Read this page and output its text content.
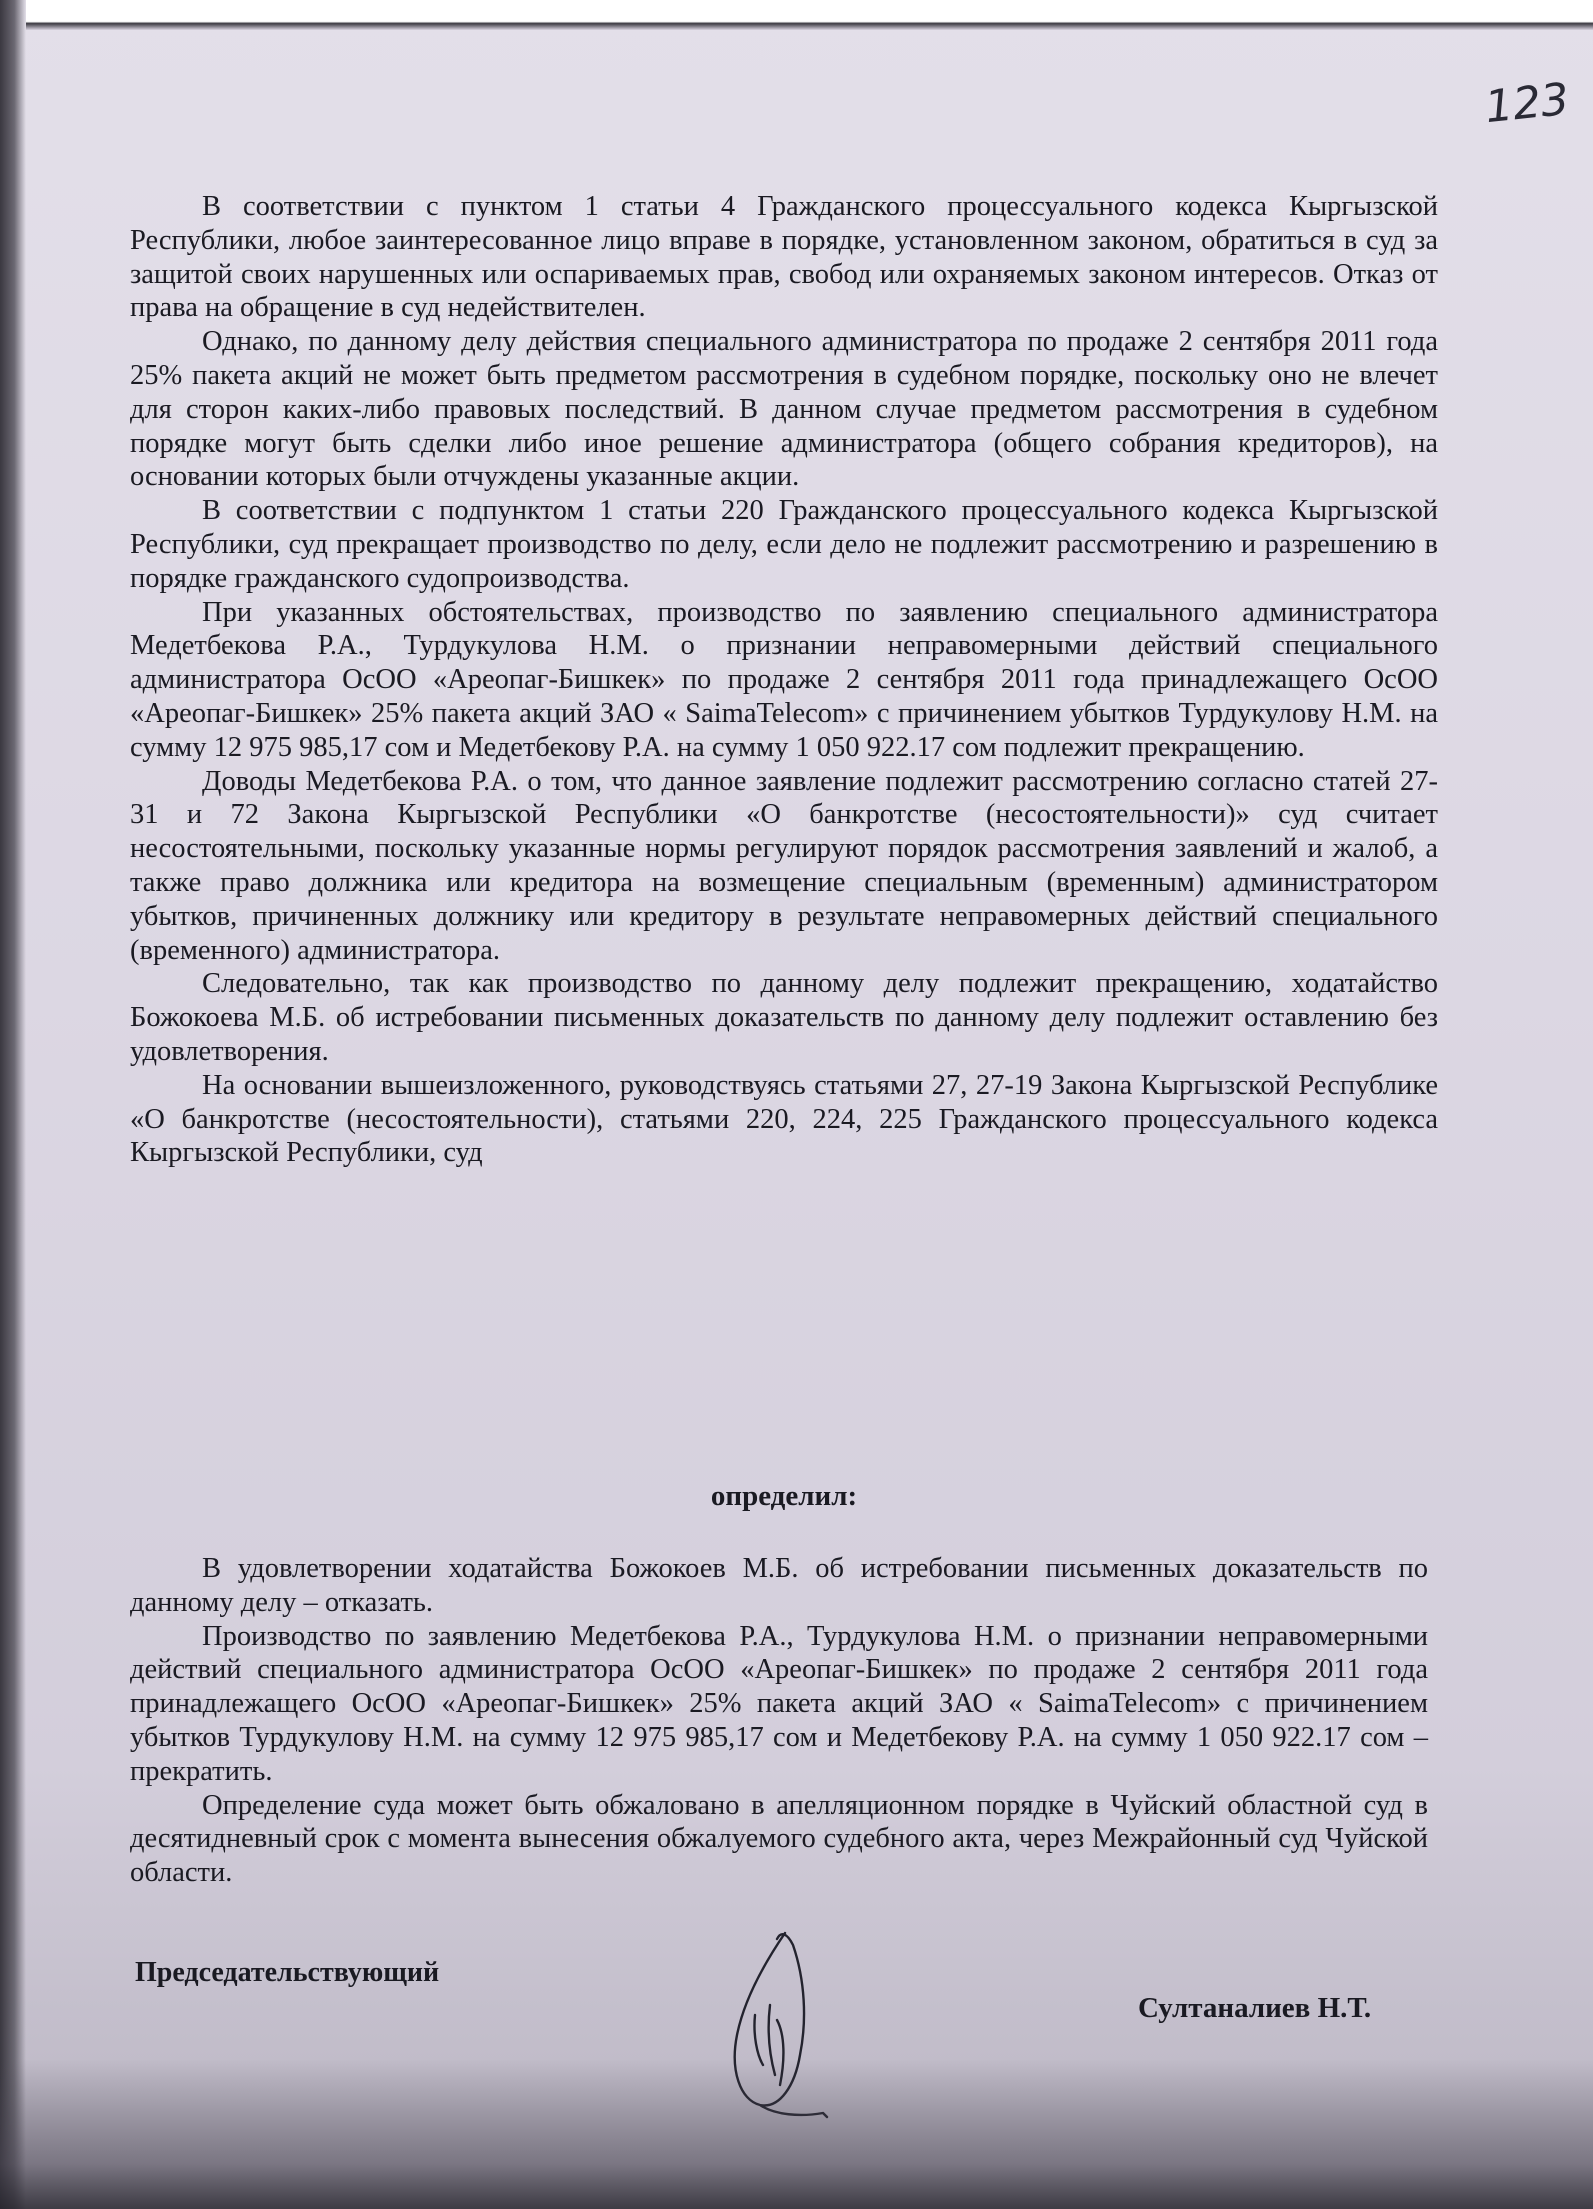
123

В соответствии с пунктом 1 статьи 4 Гражданского процессуального кодекса Кыргызской Республики, любое заинтересованное лицо вправе в порядке, установленном законом, обратиться в суд за защитой своих нарушенных или оспариваемых прав, свобод или охраняемых законом интересов. Отказ от права на обращение в суд недействителен.

Однако, по данному делу действия специального администратора по продаже 2 сентября 2011 года 25% пакета акций не может быть предметом рассмотрения в судебном порядке, поскольку оно не влечет для сторон каких-либо правовых последствий. В данном случае предметом рассмотрения в судебном порядке могут быть сделки либо иное решение администратора (общего собрания кредиторов), на основании которых были отчуждены указанные акции.

В соответствии с подпунктом 1 статьи 220 Гражданского процессуального кодекса Кыргызской Республики, суд прекращает производство по делу, если дело не подлежит рассмотрению и разрешению в порядке гражданского судопроизводства.

При указанных обстоятельствах, производство по заявлению специального администратора Медетбекова Р.А., Турдукулова Н.М. о признании неправомерными действий специального администратора ОсОО «Ареопаг-Бишкек» по продаже 2 сентября 2011 года принадлежащего ОсОО «Ареопаг-Бишкек» 25% пакета акций ЗАО « SaimaTelecom» с причинением убытков Турдукулову Н.М. на сумму 12 975 985,17 сом и Медетбекову Р.А. на сумму 1 050 922.17 сом подлежит прекращению.

Доводы Медетбекова Р.А. о том, что данное заявление подлежит рассмотрению согласно статей 27-31 и 72 Закона Кыргызской Республики «О банкротстве (несостоятельности)» суд считает несостоятельными, поскольку указанные нормы регулируют порядок рассмотрения заявлений и жалоб, а также право должника или кредитора на возмещение специальным (временным) администратором убытков, причиненных должнику или кредитору в результате неправомерных действий специального (временного) администратора.

Следовательно, так как производство по данному делу подлежит прекращению, ходатайство Божокоева М.Б. об истребовании письменных доказательств по данному делу подлежит оставлению без удовлетворения.

На основании вышеизложенного, руководствуясь статьями 27, 27-19 Закона Кыргызской Республике «О банкротстве (несостоятельности), статьями 220, 224, 225 Гражданского процессуального кодекса Кыргызской Республики, суд

определил:

В удовлетворении ходатайства Божокоев М.Б. об истребовании письменных доказательств по данному делу – отказать.

Производство по заявлению Медетбекова Р.А., Турдукулова Н.М. о признании неправомерными действий специального администратора ОсОО «Ареопаг-Бишкек» по продаже 2 сентября 2011 года принадлежащего ОсОО «Ареопаг-Бишкек» 25% пакета акций ЗАО « SaimaTelecom» с причинением убытков Турдукулову Н.М. на сумму 12 975 985,17 сом и Медетбекову Р.А. на сумму 1 050 922.17 сом – прекратить.

Определение суда может быть обжаловано в апелляционном порядке в Чуйский областной суд в десятидневный срок с момента вынесения обжалуемого судебного акта, через Межрайонный суд Чуйской области.

Председательствующий
Султаналиев Н.Т.
